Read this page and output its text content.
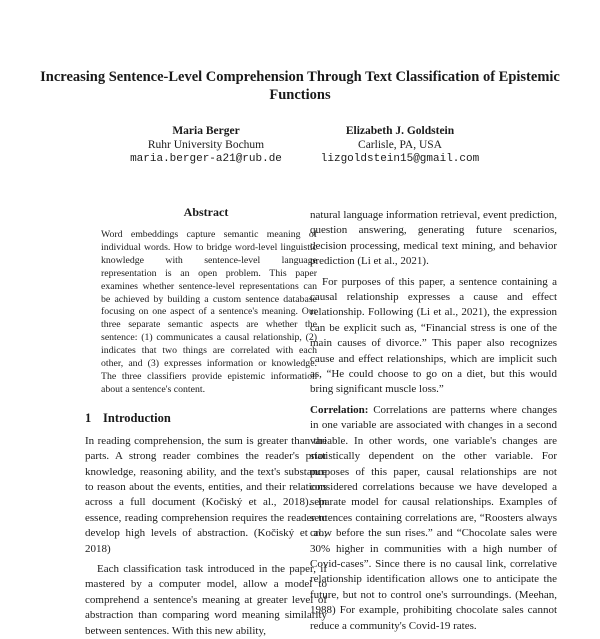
Increasing Sentence-Level Comprehension Through Text Classification of Epistemic Functions
Maria Berger
Ruhr University Bochum
maria.berger-a21@rub.de
Elizabeth J. Goldstein
Carlisle, PA, USA
lizgoldstein15@gmail.com
Abstract

Word embeddings capture semantic meaning of individual words. How to bridge word-level linguistic knowledge with sentence-level language representation is an open problem. This paper examines whether sentence-level representations can be achieved by building a custom sentence database focusing on one aspect of a sentence's meaning. Our three separate semantic aspects are whether the sentence: (1) communicates a causal relationship, (2) indicates that two things are correlated with each other, and (3) expresses information or knowledge. The three classifiers provide epistemic information about a sentence's content.

1 Introduction

In reading comprehension, the sum is greater than the parts. A strong reader combines the reader's prior knowledge, reasoning ability, and the text's substance to reason about the events, entities, and their relations across a full document (Kočiský et al., 2018). In essence, reading comprehension requires the reader to develop high levels of abstraction. (Kočiský et al., 2018)

Each classification task introduced in the paper, if mastered by a computer model, allow a model to comprehend a sentence's meaning at greater level of abstraction than comparing word meaning similarity between sentences. With this new ability,

natural language information retrieval, event prediction, question answering, generating future scenarios, decision processing, medical text mining, and behavior prediction (Li et al., 2021).

For purposes of this paper, a sentence containing a causal relationship expresses a cause and effect relationship. Following (Li et al., 2021), the expression can be explicit such as, “Financial stress is one of the main causes of divorce.” This paper also recognizes cause and effect relationships, which are implicit such as, “He could choose to go on a diet, but this would bring significant muscle loss.”

Correlation: Correlations are patterns where changes in one variable are associated with changes in a second variable. In other words, one variable's changes are statistically dependent on the other variable. For purposes of this paper, causal relationships are not considered correlations because we have developed a separate model for causal relationships. Examples of sentences containing correlations are, “Roosters always crow before the sun rises.” and “Chocolate sales were 30% higher in communities with a high number of Covid-cases”. Since there is no causal link, correlative relationship identification allows one to anticipate the future, but not to control one's surroundings. (Meehan, 1988) For example, prohibiting chocolate sales cannot reduce a community's Covid-19 rates.
